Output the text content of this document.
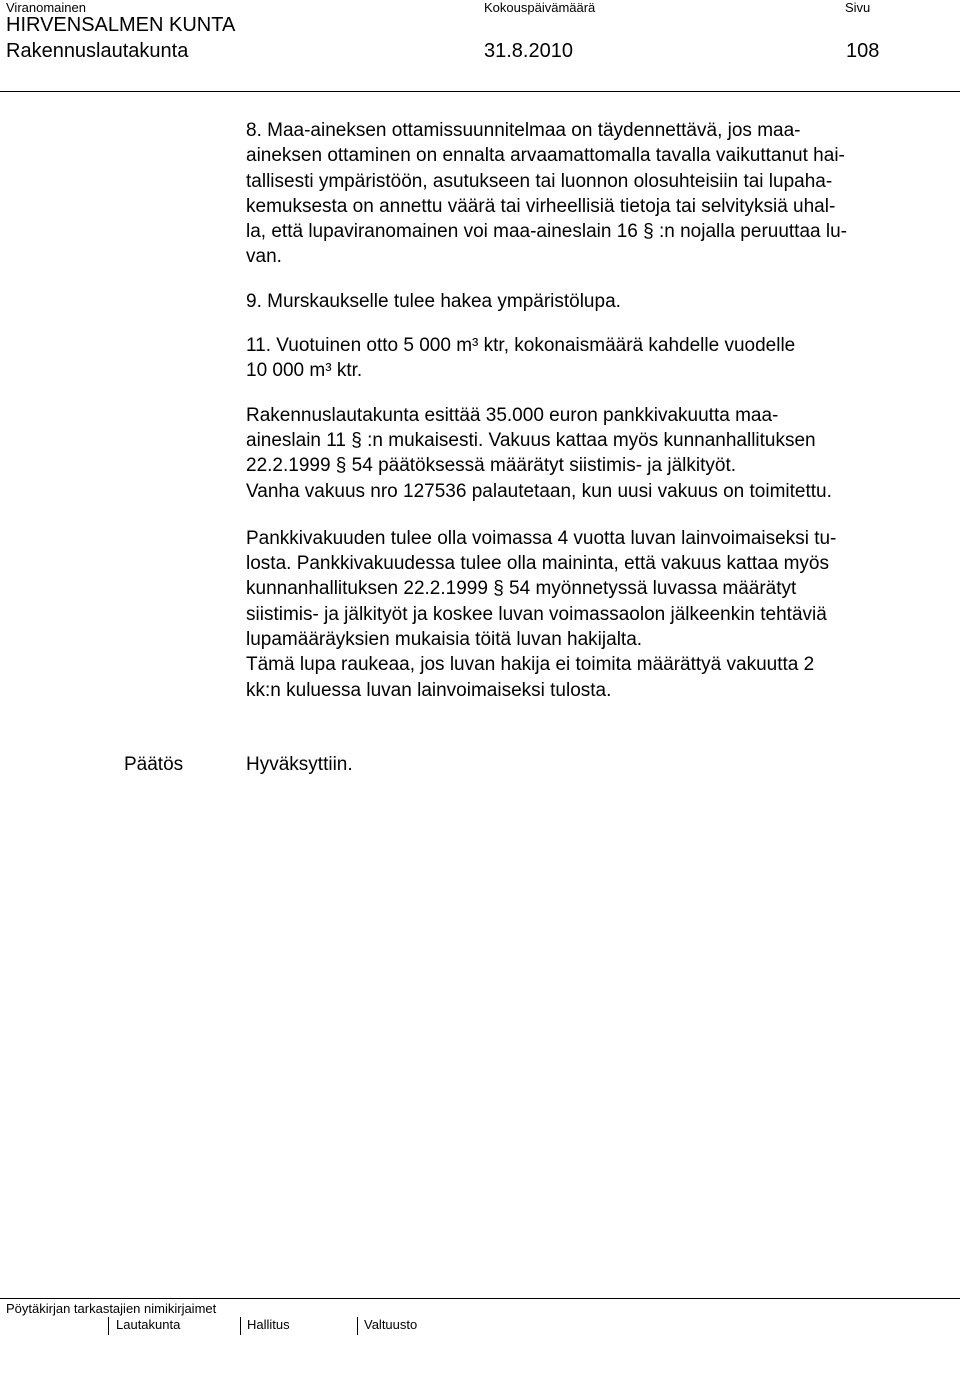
Viranomainen	Kokouspäivämäärä	Sivu
HIRVENSALMEN KUNTA
Rakennuslautakunta	31.8.2010	108

8. Maa-aineksen ottamissuunnitelmaa on täydennettävä, jos maa-

aineksen ottaminen on ennalta arvaamattomalla tavalla vaikuttanut hai-

tallisesti ympäristöön, asutukseen tai luonnon olosuhteisiin tai lupaha-

kemuksesta on annettu väärä tai virheellisiä tietoja tai selvityksiä uhal-

la, että lupaviranomainen voi maa-aineslain 16 § :n nojalla peruuttaa lu-

van.

9. Murskaukselle tulee hakea ympäristölupa.

11. Vuotuinen otto 5 000 m³ ktr, kokonaismäärä kahdelle vuodelle

10 000 m³ ktr.

Rakennuslautakunta esittää 35.000 euron pankkivakuutta maa-

aineslain 11 § :n mukaisesti. Vakuus kattaa myös kunnanhallituksen

22.2.1999 § 54 päätöksessä määrätyt siistimis- ja jälkityöt.

Vanha vakuus nro 127536 palautetaan, kun uusi vakuus on toimitettu.

Pankkivakuuden tulee olla voimassa 4 vuotta luvan lainvoimaiseksi tu-

losta. Pankkivakuudessa tulee olla maininta, että vakuus kattaa myös

kunnanhallituksen 22.2.1999 § 54 myönnetyssä luvassa määrätyt

siistimis- ja jälkityöt ja koskee luvan voimassaolon jälkeenkin tehtäviä

lupamääräyksien mukaisia töitä luvan hakijalta.

Tämä lupa raukeaa, jos luvan hakija ei toimita määrättyä vakuutta 2

kk:n kuluessa luvan lainvoimaiseksi tulosta.

Päätös	Hyväksyttiin.
Pöytäkirjan tarkastajien nimikirjaimet
Lautakunta	Hallitus	Valtuusto
